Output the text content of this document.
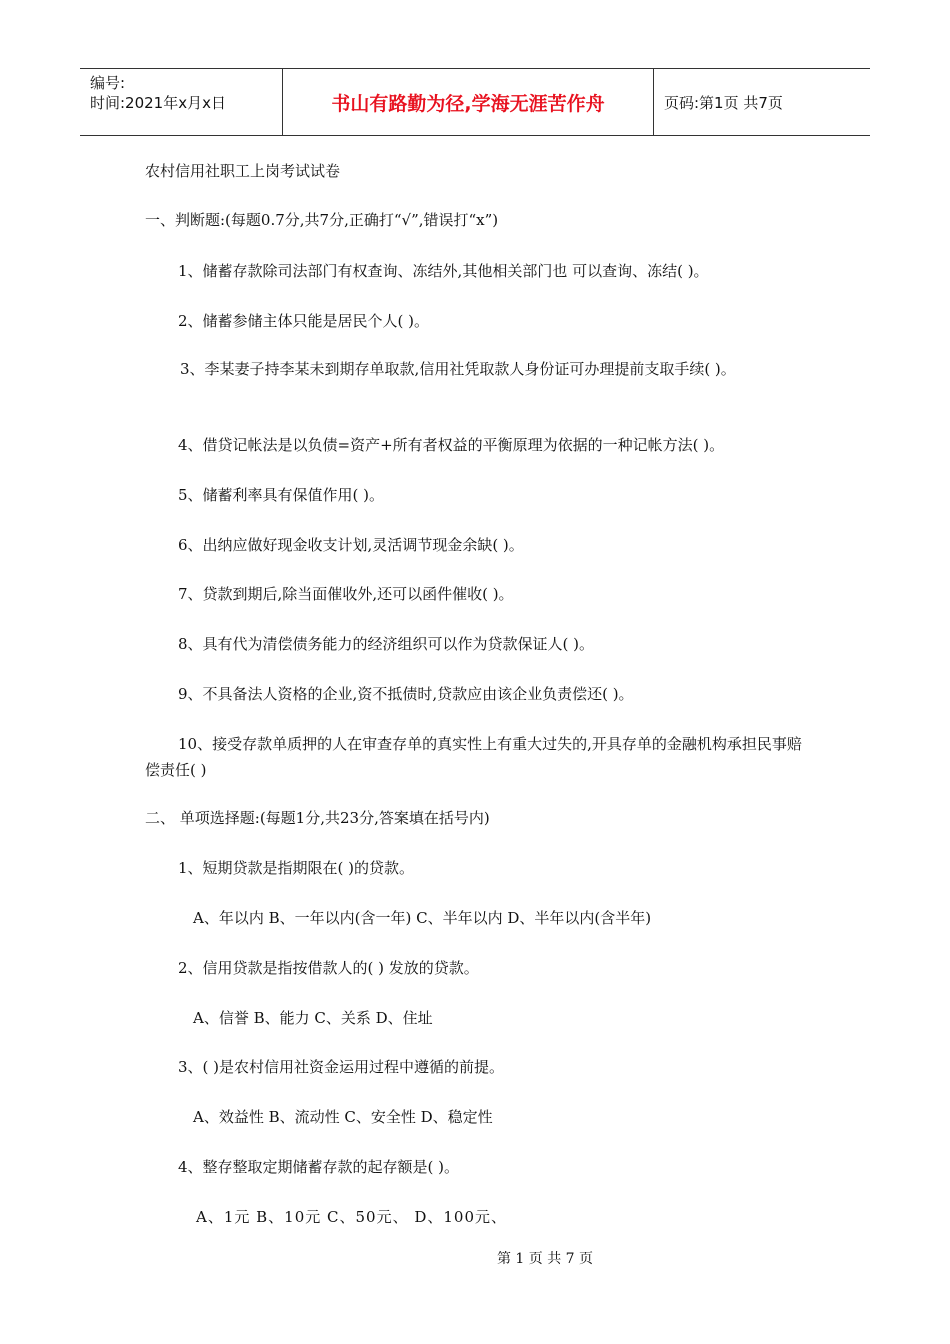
编号:
时间:2021年x月x日	书山有路勤为径,学海无涯苦作舟	页码:第1页 共7页
农村信用社职工上岗考试试卷
一、判断题:(每题0.7分,共7分,正确打“√”,错误打“x”)
1、储蓄存款除司法部门有权查询、冻结外,其他相关部门也 可以查询、冻结( )。
2、储蓄参储主体只能是居民个人( )。
3、李某妻子持李某未到期存单取款,信用社凭取款人身份证可办理提前支取手续( )。
4、借贷记帐法是以负债=资产+所有者权益的平衡原理为依据的一种记帐方法( )。
5、储蓄利率具有保值作用( )。
6、出纳应做好现金收支计划,灵活调节现金余缺( )。
7、贷款到期后,除当面催收外,还可以函件催收( )。
8、具有代为清偿债务能力的经济组织可以作为贷款保证人( )。
9、不具备法人资格的企业,资不抵债时,贷款应由该企业负责偿还( )。
10、接受存款单质押的人在审查存单的真实性上有重大过失的,开具存单的金融机构承担民事赔偿责任( )
二、 单项选择题:(每题1分,共23分,答案填在括号内)
1、短期贷款是指期限在( )的贷款。
A、年以内 B、一年以内(含一年) C、半年以内 D、半年以内(含半年)
2、信用贷款是指按借款人的( ) 发放的贷款。
A、信誉 B、能力 C、关系 D、住址
3、( )是农村信用社资金运用过程中遵循的前提。
A、效益性 B、流动性 C、安全性 D、稳定性
4、整存整取定期储蓄存款的起存额是( )。
A、1元 B、10元 C、50元、 D、100元、
第 1 页 共 7 页
